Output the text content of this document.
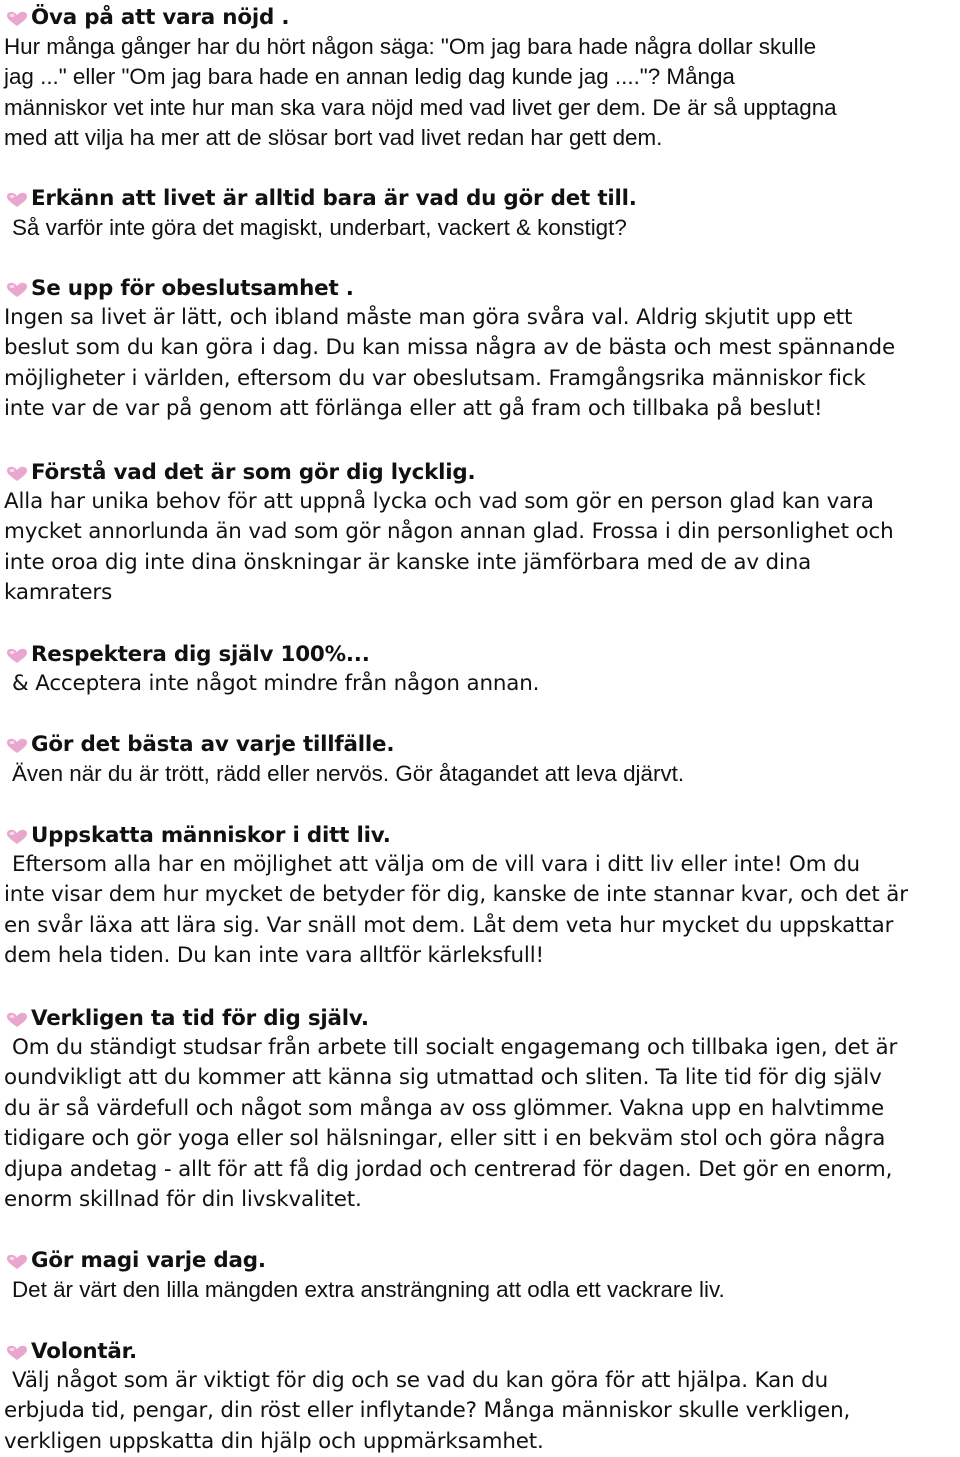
Öva på att vara nöjd .
Hur många gånger har du hört någon säga: "Om jag bara hade några dollar skulle
jag ..." eller "Om jag bara hade en annan ledig dag kunde jag ...."? Många
människor vet inte hur man ska vara nöjd med vad livet ger dem. De är så upptagna
med att vilja ha mer att de slösar bort vad livet redan har gett dem.
Erkänn att livet är alltid bara är vad du gör det till.
Så varför inte göra det magiskt, underbart, vackert & konstigt?
Se upp för obeslutsamhet .
Ingen sa livet är lätt, och ibland måste man göra svåra val. Aldrig skjutit upp ett
beslut som du kan göra i dag. Du kan missa några av de bästa och mest spännande
möjligheter i världen, eftersom du var obeslutsam. Framgångsrika människor fick
inte var de var på genom att förlänga eller att gå fram och tillbaka på beslut!
Förstå vad det är som gör dig lycklig.
Alla har unika behov för att uppnå lycka och vad som gör en person glad kan vara
mycket annorlunda än vad som gör någon annan glad. Frossa i din personlighet och
inte oroa dig inte dina önskningar är kanske inte jämförbara med de av dina
kamraters
Respektera dig själv 100%...
& Acceptera inte något mindre från någon annan.
Gör det bästa av varje tillfälle.
Även när du är trött, rädd eller nervös. Gör åtagandet att leva djärvt.
Uppskatta människor i ditt liv.
Eftersom alla har en möjlighet att välja om de vill vara i ditt liv eller inte! Om du
inte visar dem hur mycket de betyder för dig, kanske de inte stannar kvar, och det är
en svår läxa att lära sig. Var snäll mot dem. Låt dem veta hur mycket du uppskattar
dem hela tiden. Du kan inte vara alltför kärleksfull!
Verkligen ta tid för dig själv.
Om du ständigt studsar från arbete till socialt engagemang och tillbaka igen, det är
oundvikligt att du kommer att känna sig utmattad och sliten. Ta lite tid för dig själv
du är så värdefull och något som många av oss glömmer. Vakna upp en halvtimme
tidigare och gör yoga eller sol hälsningar, eller sitt i en bekväm stol och göra några
djupa andetag - allt för att få dig jordad och centrerad för dagen. Det gör en enorm,
enorm skillnad för din livskvalitet.
Gör magi varje dag.
Det är värt den lilla mängden extra ansträngning att odla ett vackrare liv.
Volontär.
Välj något som är viktigt för dig och se vad du kan göra för att hjälpa. Kan du
erbjuda tid, pengar, din röst eller inflytande? Många människor skulle verkligen,
verkligen uppskatta din hjälp och uppmärksamhet.
